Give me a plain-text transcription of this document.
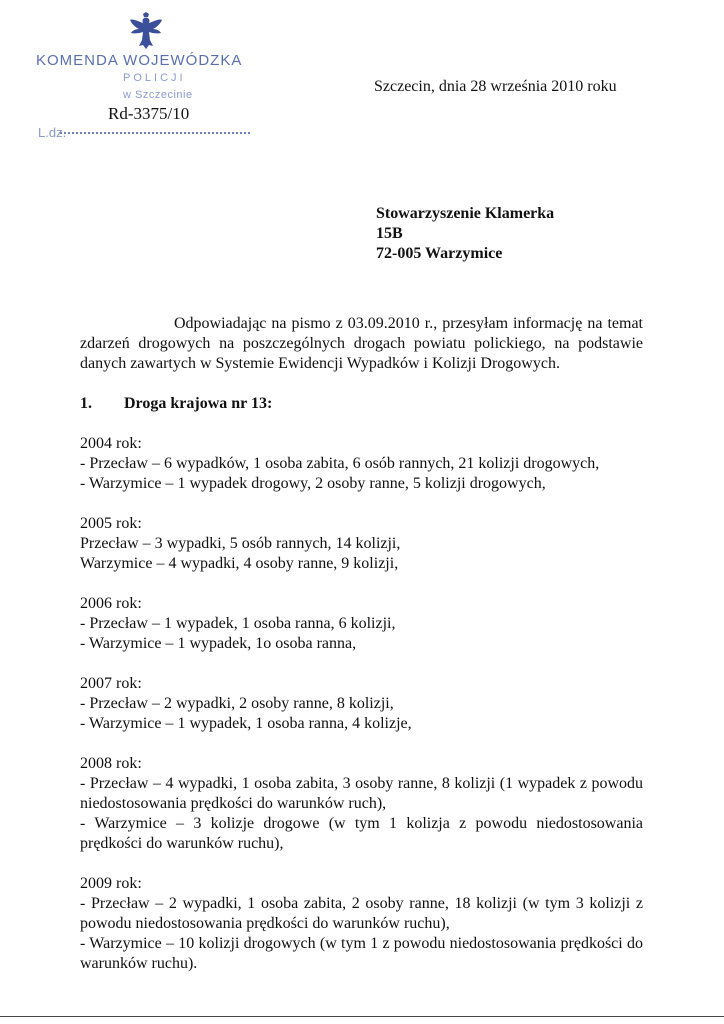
KOMENDA WOJEWÓDZKA
POLICJI
w Szczecinie
Rd-3375/10
L.dz.
Szczecin, dnia 28 września 2010 roku
Stowarzyszenie Klamerka
15B
72-005 Warzymice

Odpowiadając na pismo z 03.09.2010 r., przesyłam informację na temat zdarzeń drogowych na poszczególnych drogach powiatu polickiego, na podstawie danych zawartych w Systemie Ewidencji Wypadków i Kolizji Drogowych.

1. Droga krajowa nr 13:

2004 rok:

- Przecław – 6 wypadków, 1 osoba zabita, 6 osób rannych, 21 kolizji drogowych,

- Warzymice – 1 wypadek drogowy, 2 osoby ranne, 5 kolizji drogowych,

2005 rok:

Przecław – 3 wypadki, 5 osób rannych, 14 kolizji,

Warzymice – 4 wypadki, 4 osoby ranne, 9 kolizji,

2006 rok:

- Przecław – 1 wypadek, 1 osoba ranna, 6 kolizji,

- Warzymice – 1 wypadek, 1o osoba ranna,

2007 rok:

- Przecław – 2 wypadki, 2 osoby ranne, 8 kolizji,

- Warzymice – 1 wypadek, 1 osoba ranna, 4 kolizje,

2008 rok:

- Przecław – 4 wypadki, 1 osoba zabita, 3 osoby ranne, 8 kolizji (1 wypadek z powodu niedostosowania prędkości do warunków ruch),

- Warzymice – 3 kolizje drogowe (w tym 1 kolizja z powodu niedostosowania prędkości do warunków ruchu),

2009 rok:

- Przecław – 2 wypadki, 1 osoba zabita, 2 osoby ranne, 18 kolizji (w tym 3 kolizji z powodu niedostosowania prędkości do warunków ruchu),

- Warzymice – 10 kolizji drogowych (w tym 1 z powodu niedostosowania prędkości do warunków ruchu).
